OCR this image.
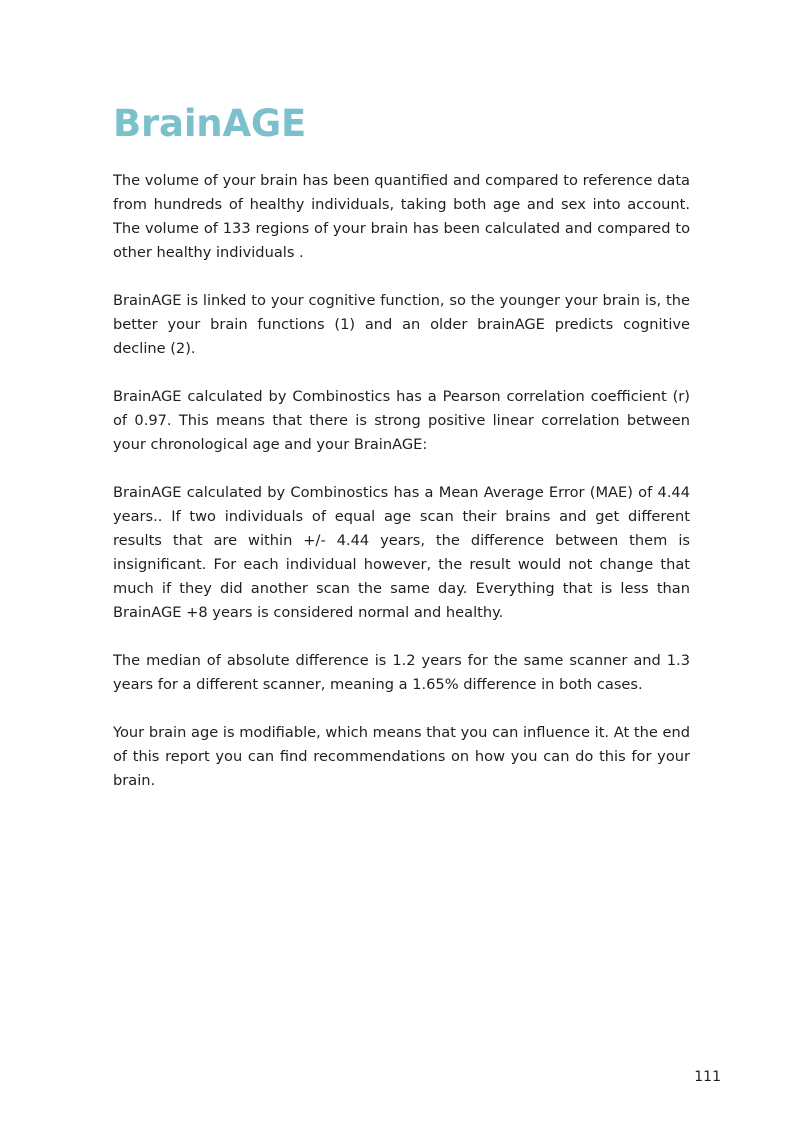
BrainAGE

The volume of your brain has been quantified and compared to reference data from hundreds of healthy individuals, taking both age and sex into account. The volume of 133 regions of your brain has been calculated and compared to other healthy individuals .

BrainAGE is linked to your cognitive function, so the younger your brain is, the better your brain functions (1) and an older brainAGE predicts cognitive decline (2).

BrainAGE calculated by Combinostics has a Pearson correlation coefficient (r) of 0.97. This means that there is strong positive linear correlation between your chronological age and your BrainAGE:

BrainAGE calculated by Combinostics has a Mean Average Error (MAE) of 4.44 years.. If two individuals of equal age scan their brains and get different results that are within +/- 4.44 years, the difference between them is insignificant. For each individual however, the result would not change that much if they did another scan the same day. Everything that is less than BrainAGE +8 years is considered normal and healthy.

The median of absolute difference is 1.2 years for the same scanner and 1.3 years for a different scanner, meaning a 1.65% difference in both cases.

Your brain age is modifiable, which means that you can influence it. At the end of this report you can find recommendations on how you can do this for your brain.

111
